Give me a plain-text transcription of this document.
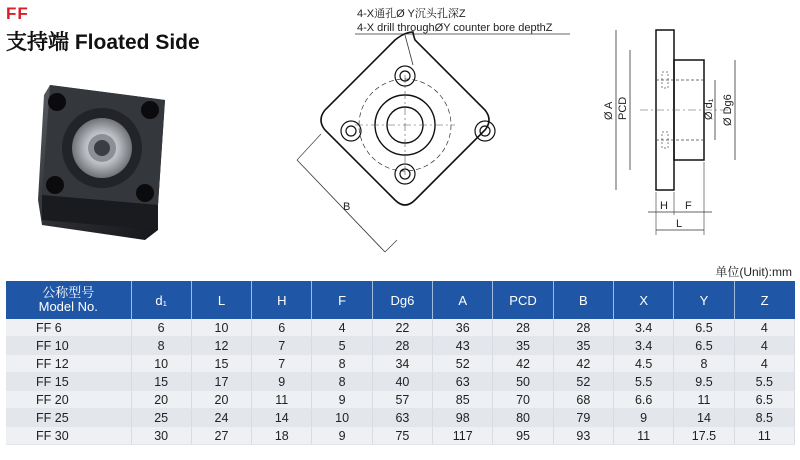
FF
支持端 Floated Side
4-X通孔Ø Y沉头孔深Z
4-X drill throughØY counter bore depthZ
B
Ø A PCD	Ø d₁ Ø Dg6
H F
L
单位(Unit):mm
公称型号
Model No.	d₁	L	H	F	Dg6	A	PCD	B	X	Y	Z
FF 6	6	10	6	4	22	36	28	28	3.4	6.5	4
FF 10	8	12	7	5	28	43	35	35	3.4	6.5	4
FF 12	10	15	7	8	34	52	42	42	4.5	8	4
FF 15	15	17	9	8	40	63	50	52	5.5	9.5	5.5
FF 20	20	20	11	9	57	85	70	68	6.6	11	6.5
FF 25	25	24	14	10	63	98	80	79	9	14	8.5
FF 30	30	27	18	9	75	117	95	93	11	17.5	11
